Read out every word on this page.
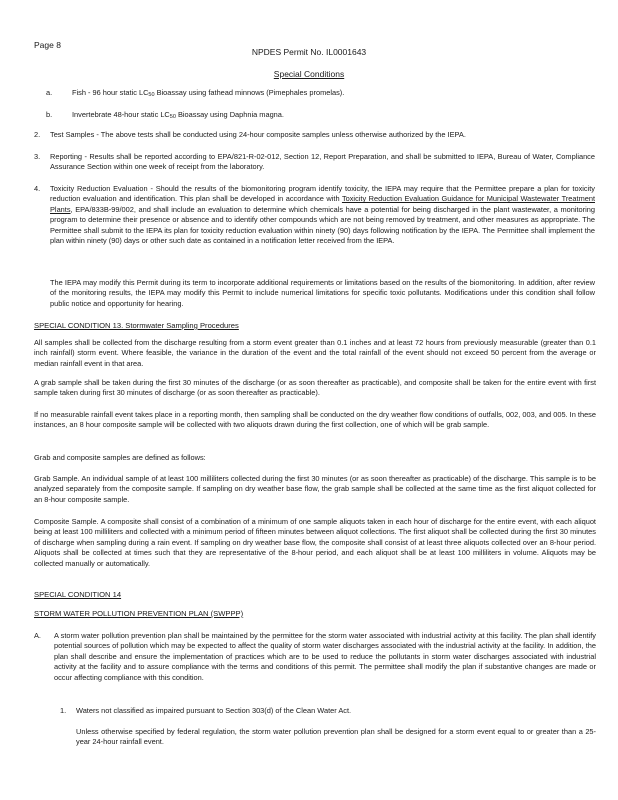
Page 8
NPDES Permit No. IL0001643
Special Conditions
a.	Fish - 96 hour static $LC_{50}$ Bioassay using fathead minnows (Pimephales promelas).
b.	Invertebrate 48-hour static $LC_{50}$ Bioassay using Daphnia magna.
2. Test Samples - The above tests shall be conducted using 24-hour composite samples unless otherwise authorized by the IEPA.

3. Reporting - Results shall be reported according to EPA/821-R-02-012, Section 12, Report Preparation, and shall be submitted to IEPA, Bureau of Water, Compliance Assurance Section within one week of receipt from the laboratory.

4. Toxicity Reduction Evaluation - Should the results of the biomonitoring program identify toxicity, the IEPA may require that the Permittee prepare a plan for toxicity reduction evaluation and identification. This plan shall be developed in accordance with Toxicity Reduction Evaluation Guidance for Municipal Wastewater Treatment Plants, EPA/833B-99/002, and shall include an evaluation to determine which chemicals have a potential for being discharged in the plant wastewater, a monitoring program to determine their presence or absence and to identify other compounds which are not being removed by treatment, and other measures as appropriate. The Permittee shall submit to the IEPA its plan for toxicity reduction evaluation within ninety (90) days following notification by the IEPA. The Permittee shall implement the plan within ninety (90) days or other such date as contained in a notification letter received from the IEPA.

The IEPA may modify this Permit during its term to incorporate additional requirements or limitations based on the results of the biomonitoring. In addition, after review of the monitoring results, the IEPA may modify this Permit to include numerical limitations for specific toxic pollutants. Modifications under this condition shall follow public notice and opportunity for hearing.

SPECIAL CONDITION 13. Stormwater Sampling Procedures

All samples shall be collected from the discharge resulting from a storm event greater than 0.1 inches and at least 72 hours from previously measurable (greater than 0.1 inch rainfall) storm event. Where feasible, the variance in the duration of the event and the total rainfall of the event should not exceed 50 percent from the average or median rainfall event in that area.

A grab sample shall be taken during the first 30 minutes of the discharge (or as soon thereafter as practicable), and composite shall be taken for the entire event with first sample taken during first 30 minutes of discharge (or as soon thereafter as practicable).

If no measurable rainfall event takes place in a reporting month, then sampling shall be conducted on the dry weather flow conditions of outfalls, 002, 003, and 005. In these instances, an 8 hour composite sample will be collected with two aliquots drawn during the first collection, one of which will be grab sample.

Grab and composite samples are defined as follows:

Grab Sample. An individual sample of at least 100 milliliters collected during the first 30 minutes (or as soon thereafter as practicable) of the discharge. This sample is to be analyzed separately from the composite sample. If sampling on dry weather base flow, the grab sample shall be collected at the same time as the first aliquot collected for an 8-hour composite sample.

Composite Sample. A composite shall consist of a combination of a minimum of one sample aliquots taken in each hour of discharge for the entire event, with each aliquot being at least 100 milliliters and collected with a minimum period of fifteen minutes between aliquot collections. The first aliquot shall be collected during the first 30 minutes of discharge when sampling during a rain event. If sampling on dry weather base flow, the composite shall consist of at least three aliquots collected over an 8-hour period. Aliquots shall be collected at times such that they are representative of the 8-hour period, and each aliquot shall be at least 100 milliliters in volume. Aliquots may be collected manually or automatically.

SPECIAL CONDITION 14
STORM WATER POLLUTION PREVENTION PLAN (SWPPP)
A. A storm water pollution prevention plan shall be maintained by the permittee for the storm water associated with industrial activity at this facility. The plan shall identify potential sources of pollution which may be expected to affect the quality of storm water discharges associated with the industrial activity at the facility. In addition, the plan shall describe and ensure the implementation of practices which are to be used to reduce the pollutants in storm water discharges associated with industrial activity at the facility and to assure compliance with the terms and conditions of this permit. The permittee shall modify the plan if substantive changes are made or occur affecting compliance with this condition.

1. Waters not classified as impaired pursuant to Section 303(d) of the Clean Water Act.

Unless otherwise specified by federal regulation, the storm water pollution prevention plan shall be designed for a storm event equal to or greater than a 25-year 24-hour rainfall event.
